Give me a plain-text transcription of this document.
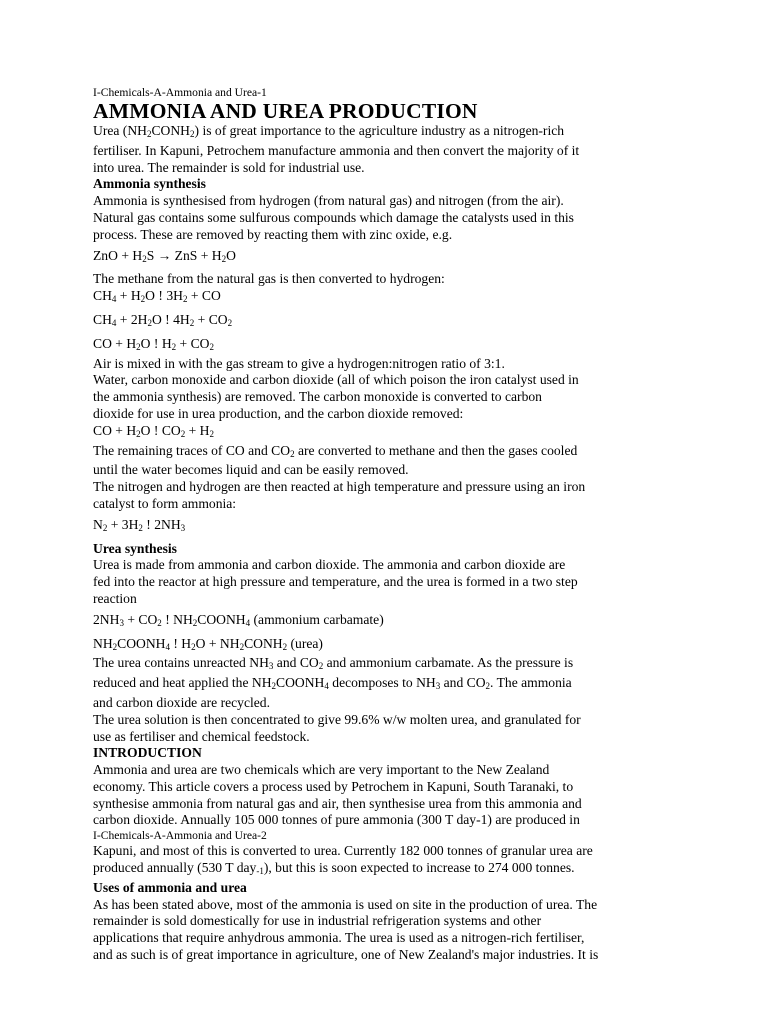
I-Chemicals-A-Ammonia and Urea-1
AMMONIA AND UREA PRODUCTION
Urea $(NH_2CONH_2)$ is of great importance to the agriculture industry as a nitrogen-rich
fertiliser. In Kapuni, Petrochem manufacture ammonia and then convert the majority of it
into urea. The remainder is sold for industrial use.
Ammonia synthesis
Ammonia is synthesised from hydrogen (from natural gas) and nitrogen (from the air).
Natural gas contains some sulfurous compounds which damage the catalysts used in this
process. These are removed by reacting them with zinc oxide, e.g.
ZnO + $H_2S$ → ZnS + $H_2O$
The methane from the natural gas is then converted to hydrogen:
$CH_4 + H_2O$ ! $3H_2$ + CO
$CH_4 + 2H_2O$ ! $4H_2 + CO_2$
CO + $H_2O$ ! $H_2 + CO_2$
Air is mixed in with the gas stream to give a hydrogen:nitrogen ratio of 3:1.
Water, carbon monoxide and carbon dioxide (all of which poison the iron catalyst used in
the ammonia synthesis) are removed. The carbon monoxide is converted to carbon
dioxide for use in urea production, and the carbon dioxide removed:
CO + $H_2O$ ! $CO_2 + H_2$
The remaining traces of CO and $CO_2$ are converted to methane and then the gases cooled
until the water becomes liquid and can be easily removed.
The nitrogen and hydrogen are then reacted at high temperature and pressure using an iron
catalyst to form ammonia:
$N_2 + 3H_2$ ! $2NH_3$
Urea synthesis
Urea is made from ammonia and carbon dioxide. The ammonia and carbon dioxide are
fed into the reactor at high pressure and temperature, and the urea is formed in a two step
reaction
$2NH_3 + CO_2$ ! $NH_2COONH_4$ (ammonium carbamate)
$NH_2COONH_4$ ! $H_2O$ + $NH_2CONH_2$ (urea)
The urea contains unreacted $NH_3$ and $CO_2$ and ammonium carbamate. As the pressure is
reduced and heat applied the $NH_2COONH_4$ decomposes to $NH_3$ and $CO_2$. The ammonia
and carbon dioxide are recycled.
The urea solution is then concentrated to give 99.6% w/w molten urea, and granulated for
use as fertiliser and chemical feedstock.
INTRODUCTION
Ammonia and urea are two chemicals which are very important to the New Zealand
economy. This article covers a process used by Petrochem in Kapuni, South Taranaki, to
synthesise ammonia from natural gas and air, then synthesise urea from this ammonia and
carbon dioxide. Annually 105 000 tonnes of pure ammonia (300 T day-1) are produced in
I-Chemicals-A-Ammonia and Urea-2
Kapuni, and most of this is converted to urea. Currently 182 000 tonnes of granular urea are
produced annually (530 T day$_{-1}$), but this is soon expected to increase to 274 000 tonnes.
Uses of ammonia and urea
As has been stated above, most of the ammonia is used on site in the production of urea. The
remainder is sold domestically for use in industrial refrigeration systems and other
applications that require anhydrous ammonia. The urea is used as a nitrogen-rich fertiliser,
and as such is of great importance in agriculture, one of New Zealand's major industries. It is
